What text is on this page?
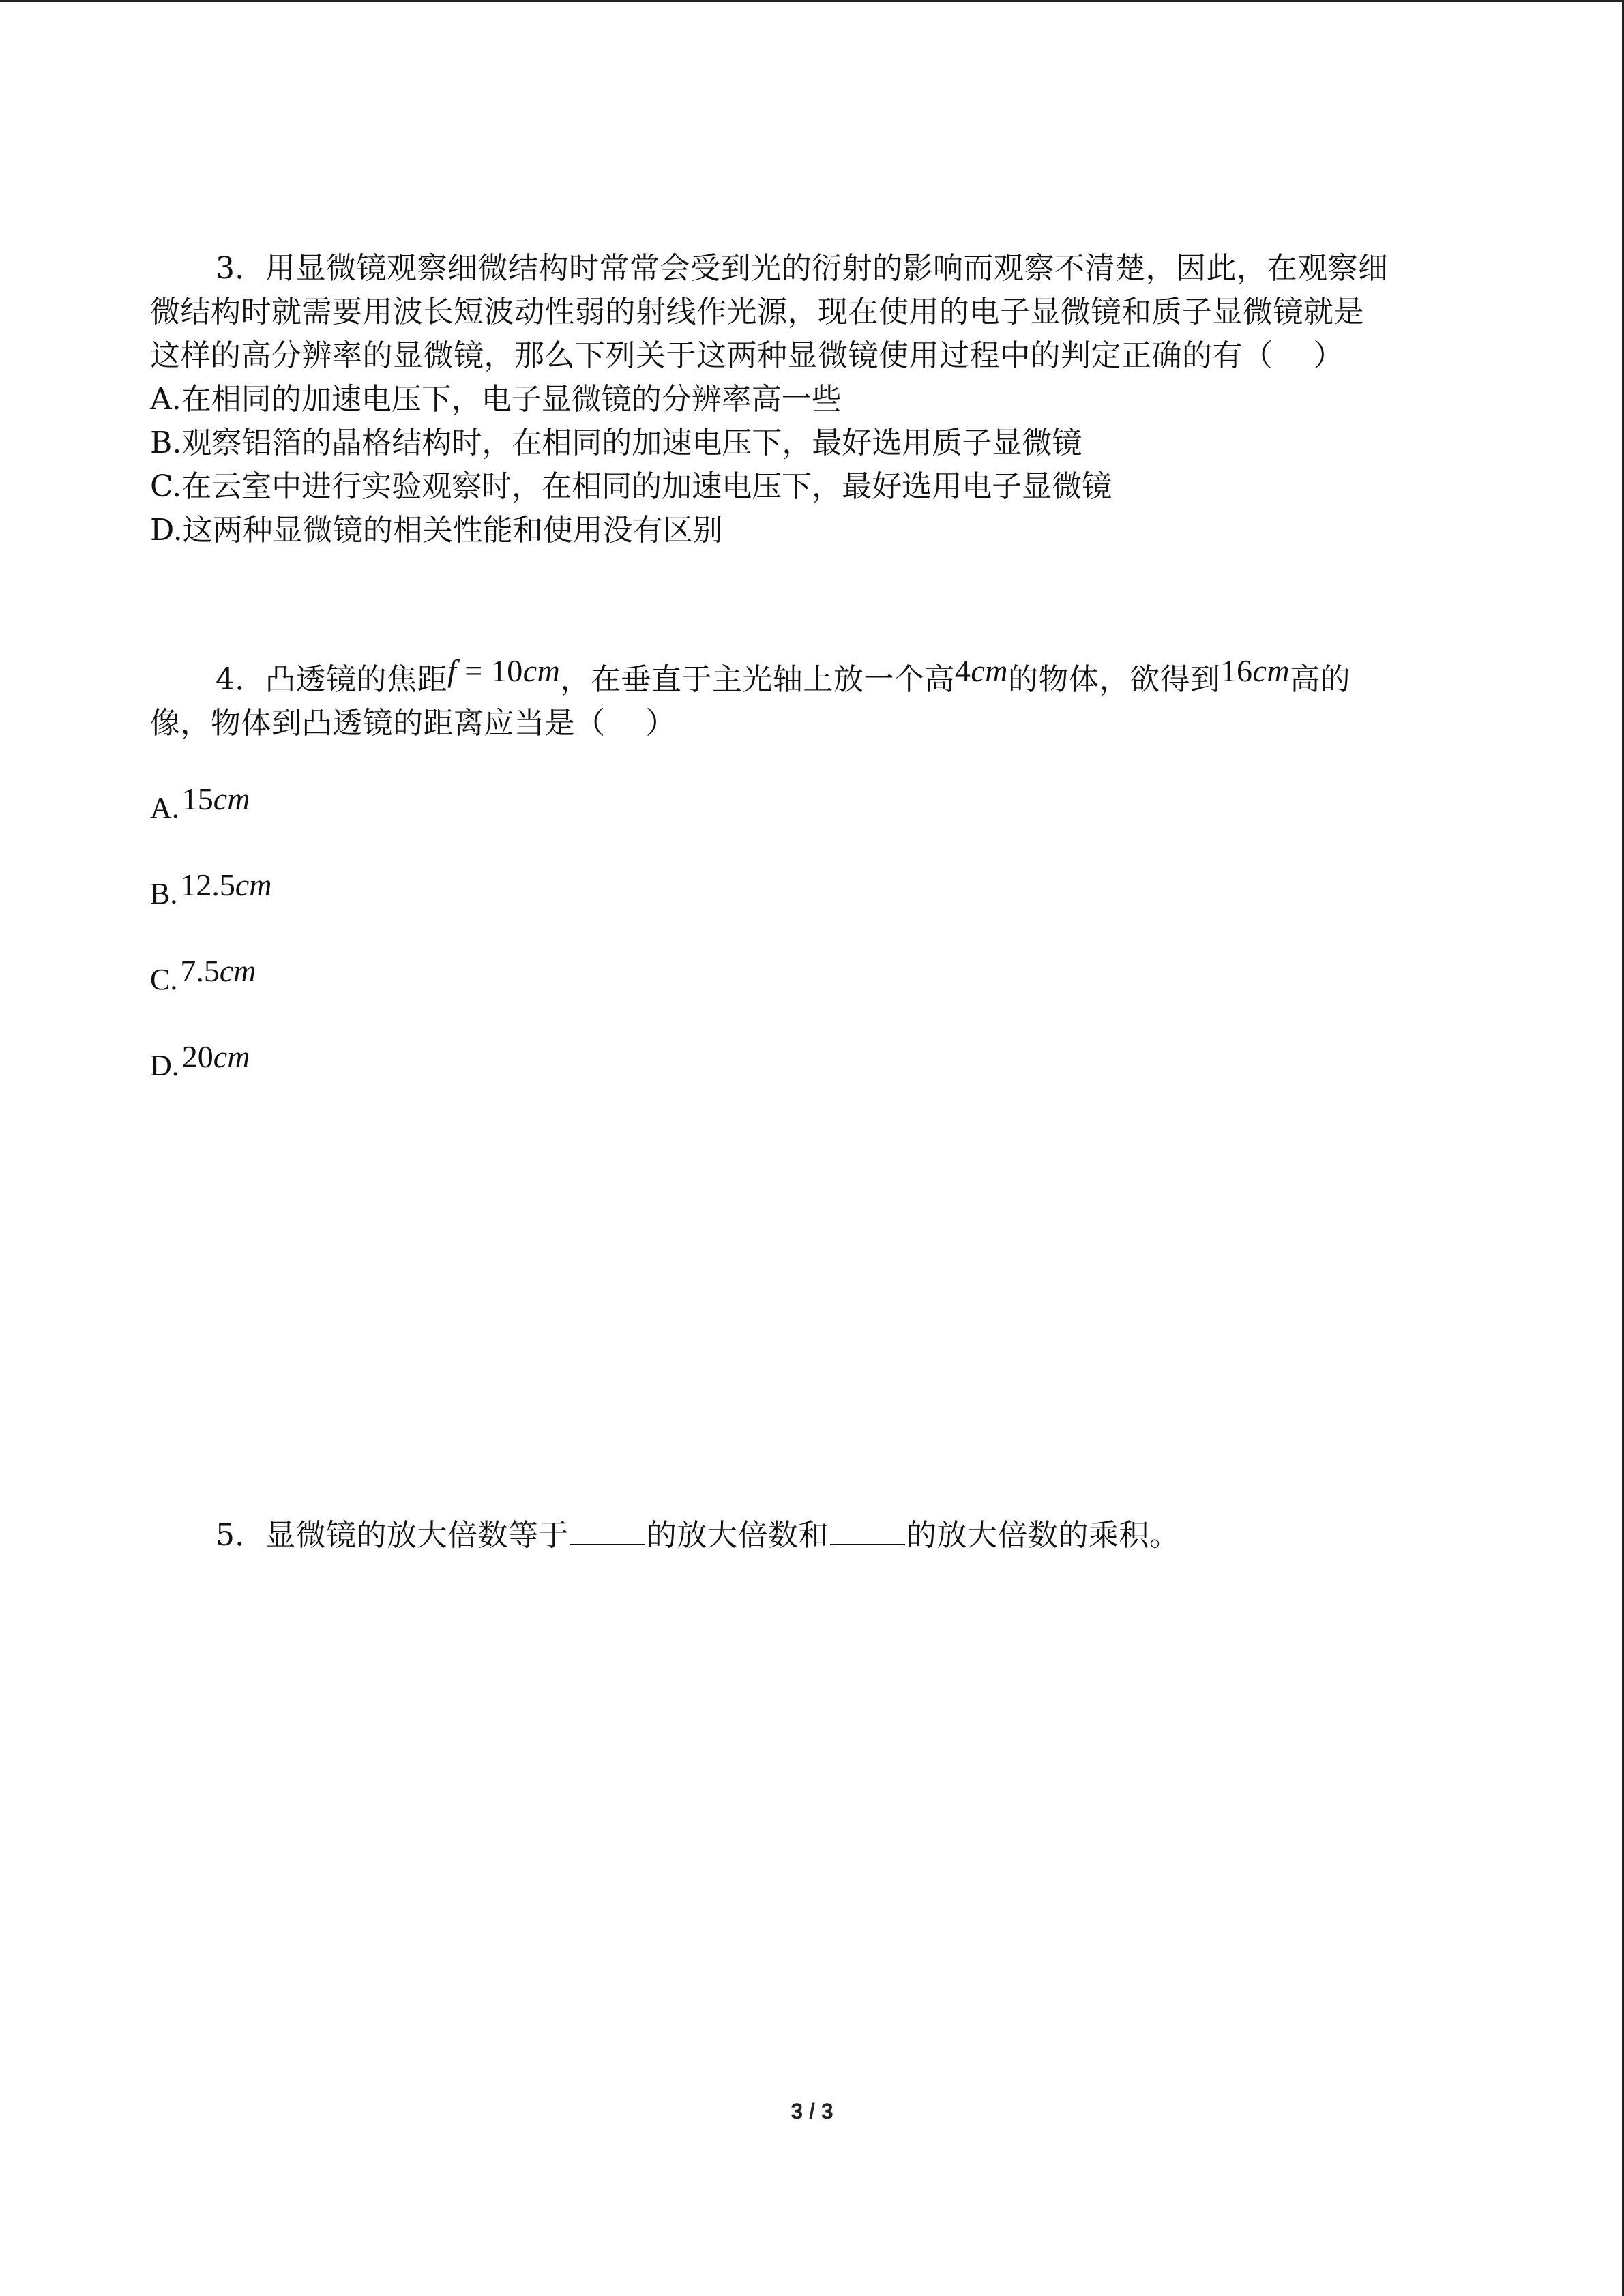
3．用显微镜观察细微结构时常常会受到光的衍射的影响而观察不清楚，因此，在观察细
微结构时就需要用波长短波动性弱的射线作光源，现在使用的电子显微镜和质子显微镜就是
这样的高分辨率的显微镜，那么下列关于这两种显微镜使用过程中的判定正确的有（　 ）
A.在相同的加速电压下，电子显微镜的分辨率高一些
B.观察铝箔的晶格结构时，在相同的加速电压下，最好选用质子显微镜
C.在云室中进行实验观察时，在相同的加速电压下，最好选用电子显微镜
D.这两种显微镜的相关性能和使用没有区别
4．凸透镜的焦距f = 10cm，在垂直于主光轴上放一个高4cm的物体，欲得到16cm高的
像，物体到凸透镜的距离应当是（　 ）
A.15cm
B.12.5cm
C.7.5cm
D.20cm
5．显微镜的放大倍数等于	的放大倍数和	的放大倍数的乘积。
3 / 3
